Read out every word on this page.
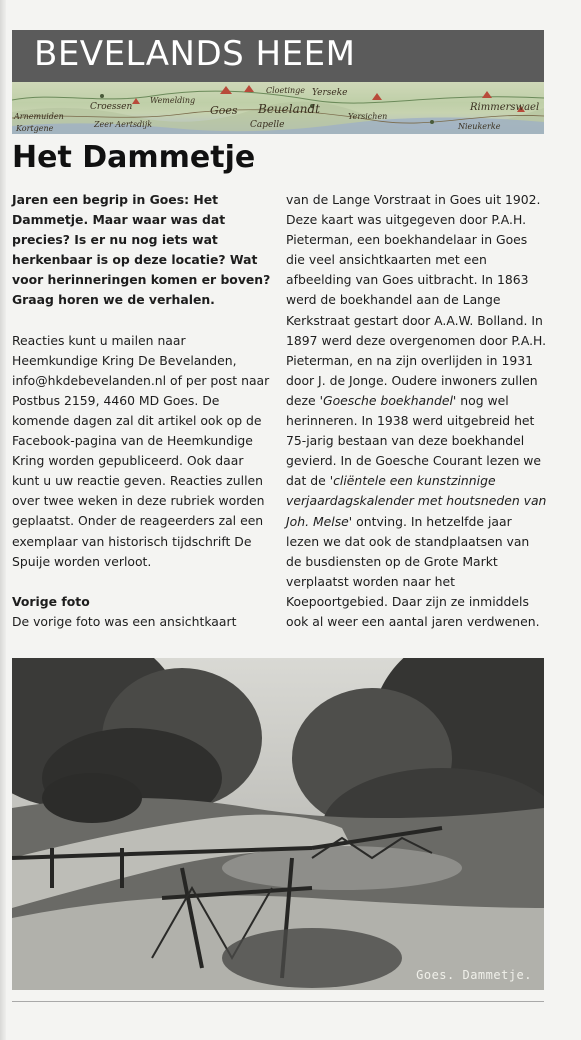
BEVELANDS HEEM
Croessen
Zeer Aertsdijk
Goes
Wemelding
Beuelandt
Capelle
Yerseke
Cloetinge
Rimmerswael
Nieukerke
Arnemuiden
Kortgene
Yersichen
Het Dammetje

Jaren een begrip in Goes: Het Dammetje. Maar waar was dat precies? Is er nu nog iets wat herkenbaar is op deze locatie? Wat voor herinneringen komen er boven? Graag horen we de verhalen.

Reacties kunt u mailen naar Heemkundige Kring De Bevelanden, info@hkdebevelanden.nl of per post naar Postbus 2159, 4460 MD Goes. De komende dagen zal dit artikel ook op de Facebook-pagina van de Heemkundige Kring worden gepubliceerd. Ook daar kunt u uw reactie geven. Reacties zullen over twee weken in deze rubriek worden geplaatst. Onder de reageerders zal een exemplaar van historisch tijdschrift De Spuije worden verloot.

Vorige foto

De vorige foto was een ansichtkaart

van de Lange Vorstraat in Goes uit 1902. Deze kaart was uitgegeven door P.A.H. Pieterman, een boekhandelaar in Goes die veel ansichtkaarten met een afbeelding van Goes uitbracht. In 1863 werd de boekhandel aan de Lange Kerkstraat gestart door A.A.W. Bolland. In 1897 werd deze overgenomen door P.A.H. Pieterman, en na zijn overlijden in 1931 door J. de Jonge. Oudere inwoners zullen deze 'Goesche boekhandel' nog wel herinneren. In 1938 werd uitgebreid het 75-jarig bestaan van deze boekhandel gevierd. In de Goesche Courant lezen we dat de 'cliëntele een kunstzinnige verjaardagskalender met houtsneden van Joh. Melse' ontving. In hetzelfde jaar lezen we dat ook de standplaatsen van de busdiensten op de Grote Markt verplaatst worden naar het Koepoortgebied. Daar zijn ze inmiddels ook al weer een aantal jaren verdwenen.

Goes. Dammetje.
